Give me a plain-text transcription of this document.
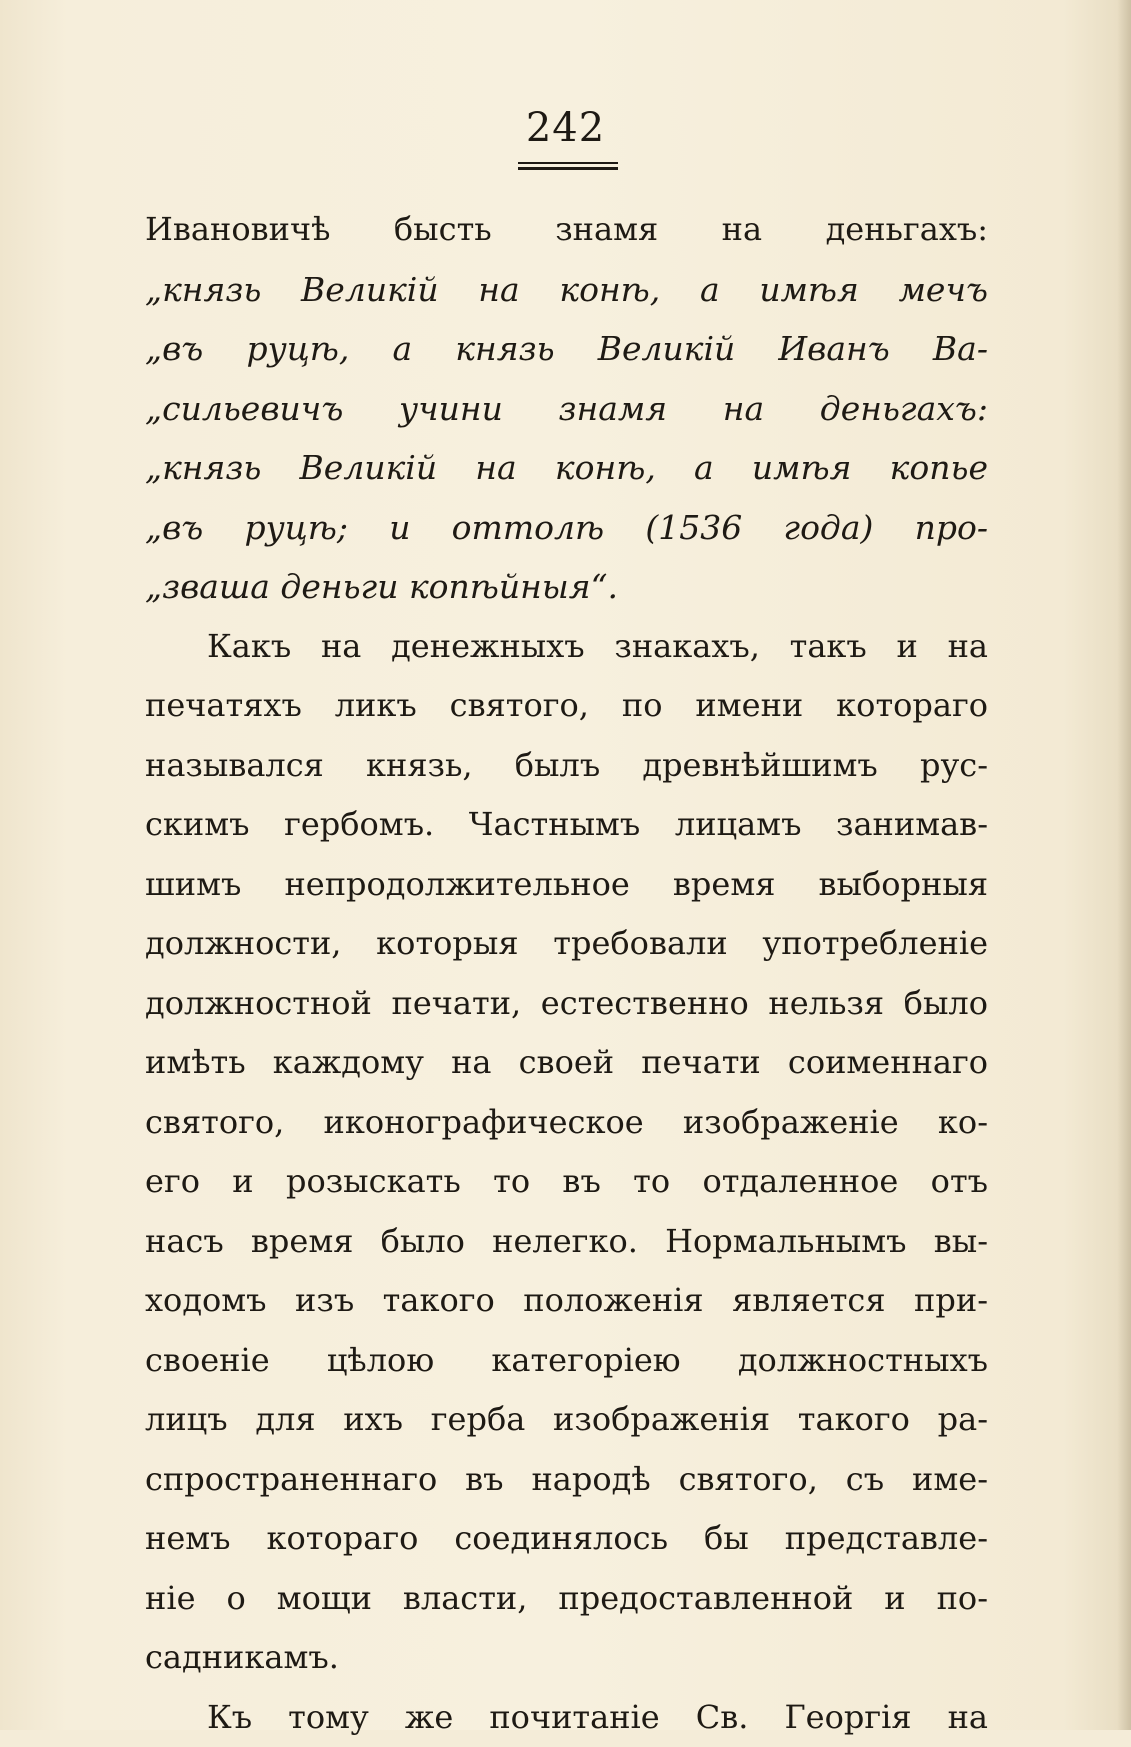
242
Ивановичѣ бысть знамя на деньгахъ:
„князь Великій на конѣ, а имѣя мечъ
„въ руцѣ, а князь Великій Иванъ Ва-
„сильевичъ учини знамя на деньгахъ:
„князь Великій на конѣ, а имѣя копье
„въ руцѣ; и оттолѣ (1536 года) про-
„зваша деньги копѣйныя“.
Какъ на денежныхъ знакахъ, такъ и на
печатяхъ ликъ святого, по имени котораго
назывался князь, былъ древнѣйшимъ рус-
скимъ гербомъ. Частнымъ лицамъ занимав-
шимъ непродолжительное время выборныя
должности, которыя требовали употребленіе
должностной печати, естественно нельзя было
имѣть каждому на своей печати соименнаго
святого, иконографическое изображеніе ко-
его и розыскать то въ то отдаленное отъ
насъ время было нелегко. Нормальнымъ вы-
ходомъ изъ такого положенія является при-
своеніе цѣлою категоріею должностныхъ
лицъ для ихъ герба изображенія такого ра-
спространеннаго въ народѣ святого, съ име-
немъ котораго соединялось бы представле-
ніе о мощи власти, предоставленной и по-
садникамъ.
Къ тому же почитаніе Св. Георгія на
